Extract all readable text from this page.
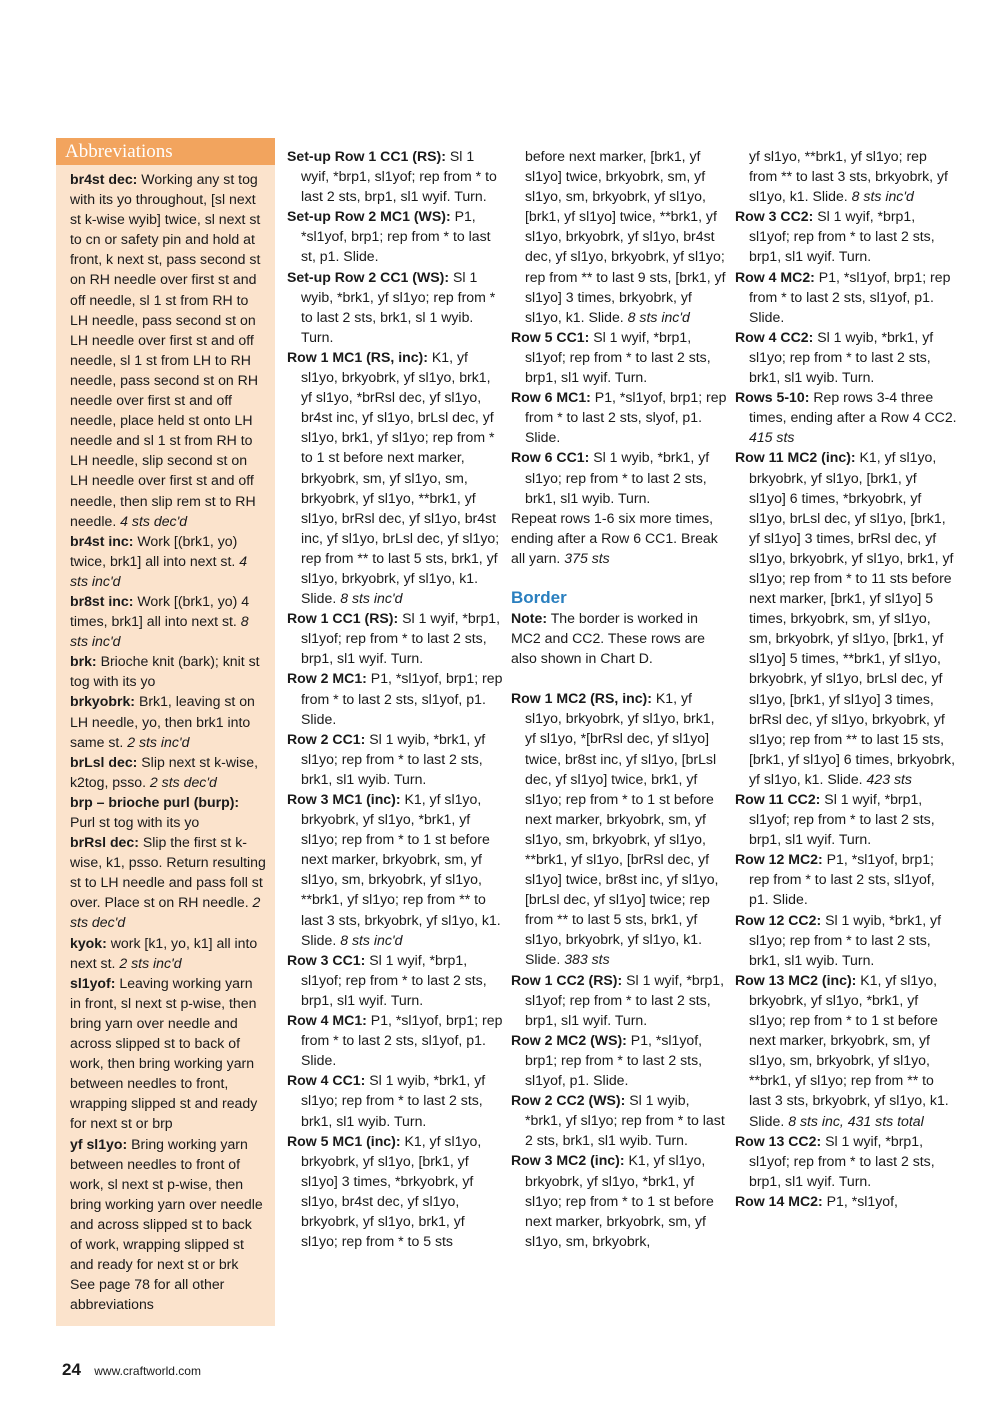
Abbreviations

br4st dec: Working any st tog with its yo throughout, [sl next st k-wise wyib] twice, sl next st to cn or safety pin and hold at front, k next st, pass second st on RH needle over first st and off needle, sl 1 st from RH to LH needle, pass second st on LH needle over first st and off needle, sl 1 st from LH to RH needle, pass second st on RH needle over first st and off needle, place held st onto LH needle and sl 1 st from RH to LH needle, slip second st on LH needle over first st and off needle, then slip rem st to RH needle. 4 sts dec'd

br4st inc: Work [(brk1, yo) twice, brk1] all into next st. 4 sts inc'd

br8st inc: Work [(brk1, yo) 4 times, brk1] all into next st. 8 sts inc'd

brk: Brioche knit (bark); knit st tog with its yo

brkyobrk: Brk1, leaving st on LH needle, yo, then brk1 into same st. 2 sts inc'd

brLsl dec: Slip next st k-wise, k2tog, psso. 2 sts dec'd

brp – brioche purl (burp): Purl st tog with its yo

brRsl dec: Slip the first st k-wise, k1, psso. Return resulting st to LH needle and pass foll st over. Place st on RH needle. 2 sts dec'd

kyok: work [k1, yo, k1] all into next st. 2 sts inc'd

sl1yof: Leaving working yarn in front, sl next st p-wise, then bring yarn over needle and across slipped st to back of work, then bring working yarn between needles to front, wrapping slipped st and ready for next st or brp

yf sl1yo: Bring working yarn between needles to front of work, sl next st p-wise, then bring working yarn over needle and across slipped st to back of work, wrapping slipped st and ready for next st or brk

See page 78 for all other abbreviations

Set-up Row 1 CC1 (RS): Sl 1 wyif, *brp1, sl1yof; rep from * to last 2 sts, brp1, sl1 wyif. Turn.

Set-up Row 2 MC1 (WS): P1, *sl1yof, brp1; rep from * to last st, p1. Slide.

Set-up Row 2 CC1 (WS): Sl 1 wyib, *brk1, yf sl1yo; rep from * to last 2 sts, brk1, sl 1 wyib. Turn.

Row 1 MC1 (RS, inc): K1, yf sl1yo, brkyobrk, yf sl1yo, brk1, yf sl1yo, *brRsl dec, yf sl1yo, br4st inc, yf sl1yo, brLsl dec, yf sl1yo, brk1, yf sl1yo; rep from * to 1 st before next marker, brkyobrk, sm, yf sl1yo, sm, brkyobrk, yf sl1yo, **brk1, yf sl1yo, brRsl dec, yf sl1yo, br4st inc, yf sl1yo, brLsl dec, yf sl1yo; rep from ** to last 5 sts, brk1, yf sl1yo, brkyobrk, yf sl1yo, k1. Slide. 8 sts inc'd

Row 1 CC1 (RS): Sl 1 wyif, *brp1, sl1yof; rep from * to last 2 sts, brp1, sl1 wyif. Turn.

Row 2 MC1: P1, *sl1yof, brp1; rep from * to last 2 sts, sl1yof, p1. Slide.

Row 2 CC1: Sl 1 wyib, *brk1, yf sl1yo; rep from * to last 2 sts, brk1, sl1 wyib. Turn.

Row 3 MC1 (inc): K1, yf sl1yo, brkyobrk, yf sl1yo, *brk1, yf sl1yo; rep from * to 1 st before next marker, brkyobrk, sm, yf sl1yo, sm, brkyobrk, yf sl1yo, **brk1, yf sl1yo; rep from ** to last 3 sts, brkyobrk, yf sl1yo, k1. Slide. 8 sts inc'd

Row 3 CC1: Sl 1 wyif, *brp1, sl1yof; rep from * to last 2 sts, brp1, sl1 wyif. Turn.

Row 4 MC1: P1, *sl1yof, brp1; rep from * to last 2 sts, sl1yof, p1. Slide.

Row 4 CC1: Sl 1 wyib, *brk1, yf sl1yo; rep from * to last 2 sts, brk1, sl1 wyib. Turn.

Row 5 MC1 (inc): K1, yf sl1yo, brkyobrk, yf sl1yo, [brk1, yf sl1yo] 3 times, *brkyobrk, yf sl1yo, br4st dec, yf sl1yo, brkyobrk, yf sl1yo, brk1, yf sl1yo; rep from * to 5 sts

before next marker, [brk1, yf sl1yo] twice, brkyobrk, sm, yf sl1yo, sm, brkyobrk, yf sl1yo, [brk1, yf sl1yo] twice, **brk1, yf sl1yo, brkyobrk, yf sl1yo, br4st dec, yf sl1yo, brkyobrk, yf sl1yo; rep from ** to last 9 sts, [brk1, yf sl1yo] 3 times, brkyobrk, yf sl1yo, k1. Slide. 8 sts inc'd

Row 5 CC1: Sl 1 wyif, *brp1, sl1yof; rep from * to last 2 sts, brp1, sl1 wyif. Turn.

Row 6 MC1: P1, *sl1yof, brp1; rep from * to last 2 sts, slyof, p1. Slide.

Row 6 CC1: Sl 1 wyib, *brk1, yf sl1yo; rep from * to last 2 sts, brk1, sl1 wyib. Turn.

Repeat rows 1-6 six more times, ending after a Row 6 CC1. Break all yarn. 375 sts

Border

Note: The border is worked in MC2 and CC2. These rows are also shown in Chart D.

Row 1 MC2 (RS, inc): K1, yf sl1yo, brkyobrk, yf sl1yo, brk1, yf sl1yo, *[brRsl dec, yf sl1yo] twice, br8st inc, yf sl1yo, [brLsl dec, yf sl1yo] twice, brk1, yf sl1yo; rep from * to 1 st before next marker, brkyobrk, sm, yf sl1yo, sm, brkyobrk, yf sl1yo, **brk1, yf sl1yo, [brRsl dec, yf sl1yo] twice, br8st inc, yf sl1yo, [brLsl dec, yf sl1yo] twice; rep from ** to last 5 sts, brk1, yf sl1yo, brkyobrk, yf sl1yo, k1. Slide. 383 sts

Row 1 CC2 (RS): Sl 1 wyif, *brp1, sl1yof; rep from * to last 2 sts, brp1, sl1 wyif. Turn.

Row 2 MC2 (WS): P1, *sl1yof, brp1; rep from * to last 2 sts, sl1yof, p1. Slide.

Row 2 CC2 (WS): Sl 1 wyib, *brk1, yf sl1yo; rep from * to last 2 sts, brk1, sl1 wyib. Turn.

Row 3 MC2 (inc): K1, yf sl1yo, brkyobrk, yf sl1yo, *brk1, yf sl1yo; rep from * to 1 st before next marker, brkyobrk, sm, yf sl1yo, sm, brkyobrk,

yf sl1yo, **brk1, yf sl1yo; rep from ** to last 3 sts, brkyobrk, yf sl1yo, k1. Slide. 8 sts inc'd

Row 3 CC2: Sl 1 wyif, *brp1, sl1yof; rep from * to last 2 sts, brp1, sl1 wyif. Turn.

Row 4 MC2: P1, *sl1yof, brp1; rep from * to last 2 sts, sl1yof, p1. Slide.

Row 4 CC2: Sl 1 wyib, *brk1, yf sl1yo; rep from * to last 2 sts, brk1, sl1 wyib. Turn.

Rows 5-10: Rep rows 3-4 three times, ending after a Row 4 CC2. 415 sts

Row 11 MC2 (inc): K1, yf sl1yo, brkyobrk, yf sl1yo, [brk1, yf sl1yo] 6 times, *brkyobrk, yf sl1yo, brLsl dec, yf sl1yo, [brk1, yf sl1yo] 3 times, brRsl dec, yf sl1yo, brkyobrk, yf sl1yo, brk1, yf sl1yo; rep from * to 11 sts before next marker, [brk1, yf sl1yo] 5 times, brkyobrk, sm, yf sl1yo, sm, brkyobrk, yf sl1yo, [brk1, yf sl1yo] 5 times, **brk1, yf sl1yo, brkyobrk, yf sl1yo, brLsl dec, yf sl1yo, [brk1, yf sl1yo] 3 times, brRsl dec, yf sl1yo, brkyobrk, yf sl1yo; rep from ** to last 15 sts, [brk1, yf sl1yo] 6 times, brkyobrk, yf sl1yo, k1. Slide. 423 sts

Row 11 CC2: Sl 1 wyif, *brp1, sl1yof; rep from * to last 2 sts, brp1, sl1 wyif. Turn.

Row 12 MC2: P1, *sl1yof, brp1; rep from * to last 2 sts, sl1yof, p1. Slide.

Row 12 CC2: Sl 1 wyib, *brk1, yf sl1yo; rep from * to last 2 sts, brk1, sl1 wyib. Turn.

Row 13 MC2 (inc): K1, yf sl1yo, brkyobrk, yf sl1yo, *brk1, yf sl1yo; rep from * to 1 st before next marker, brkyobrk, sm, yf sl1yo, sm, brkyobrk, yf sl1yo, **brk1, yf sl1yo; rep from ** to last 3 sts, brkyobrk, yf sl1yo, k1. Slide. 8 sts inc, 431 sts total

Row 13 CC2: Sl 1 wyif, *brp1, sl1yof; rep from * to last 2 sts, brp1, sl1 wyif. Turn.

Row 14 MC2: P1, *sl1yof,

24 www.craftworld.com
